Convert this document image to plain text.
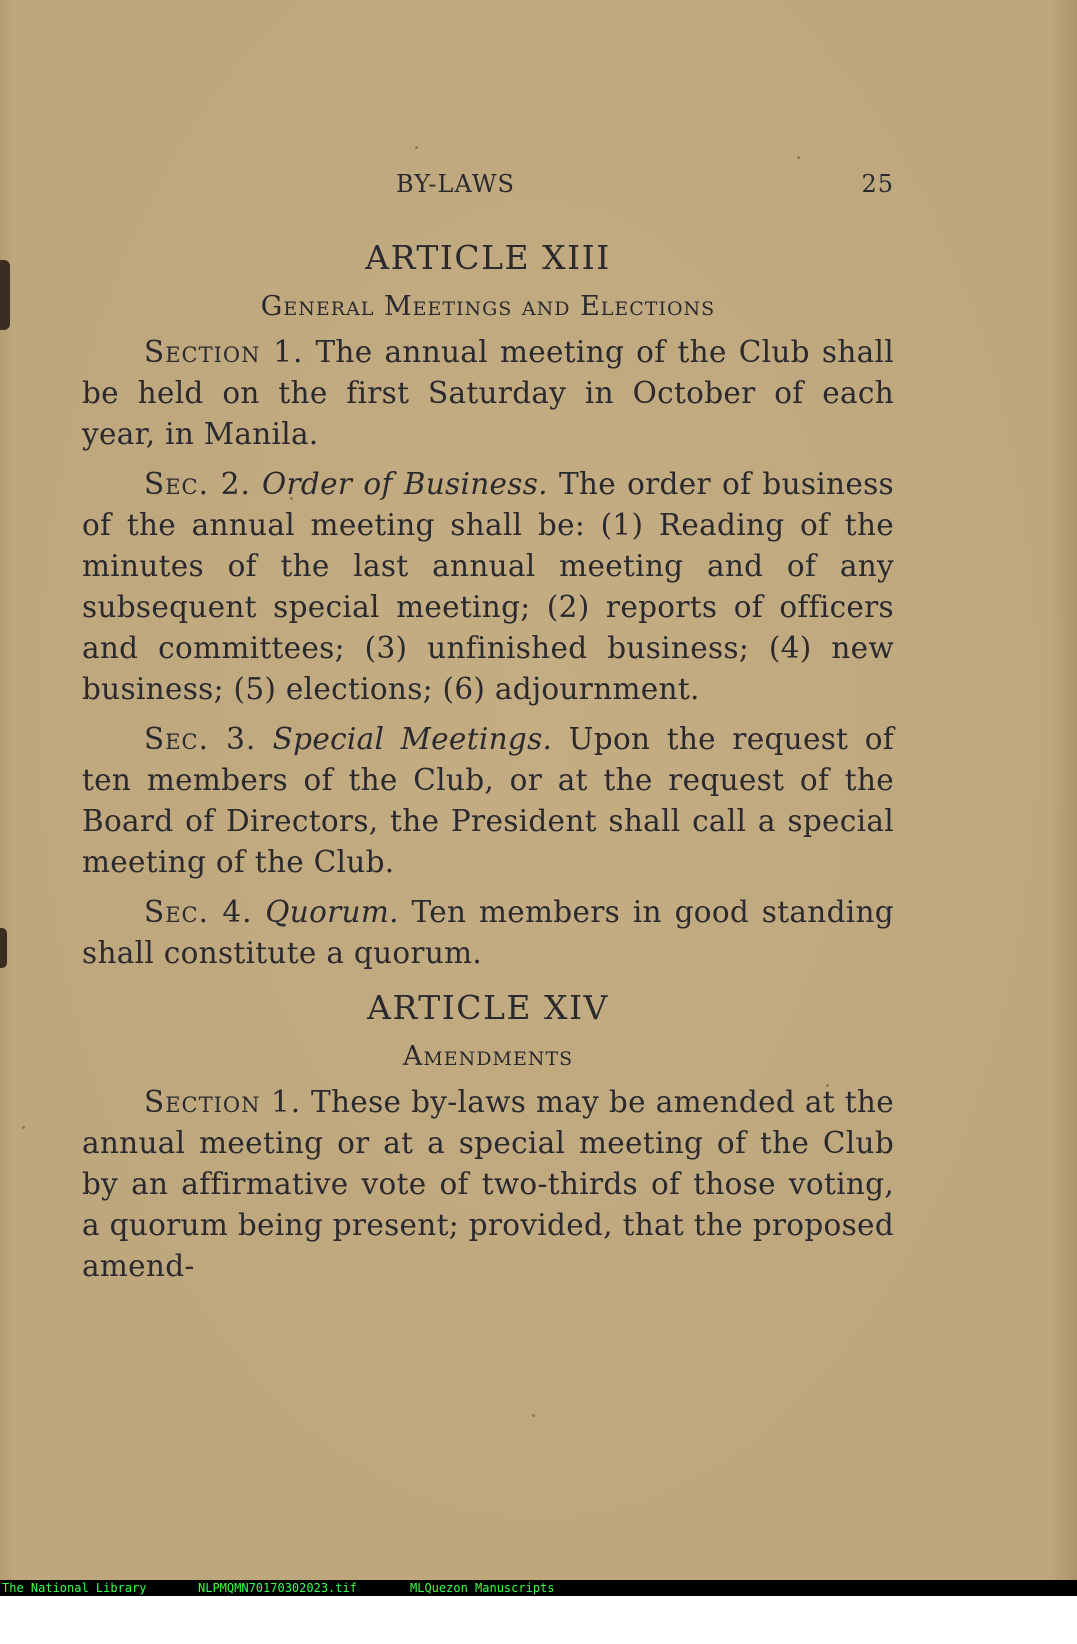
BY-LAWS	25
ARTICLE XIII
General Meetings and Elections

Section 1. The annual meeting of the Club shall be held on the first Saturday in October of each year, in Manila.

Sec. 2. Order of Business. The order of business of the annual meeting shall be: (1) Reading of the minutes of the last annual meeting and of any subsequent special meeting; (2) reports of officers and committees; (3) unfinished business; (4) new business; (5) elections; (6) adjournment.

Sec. 3. Special Meetings. Upon the request of ten members of the Club, or at the request of the Board of Directors, the President shall call a special meeting of the Club.

Sec. 4. Quorum. Ten members in good standing shall constitute a quorum.

ARTICLE XIV
Amendments

Section 1. These by-laws may be amended at the annual meeting or at a special meeting of the Club by an affirmative vote of two-thirds of those voting, a quorum being present; provided, that the proposed amend-

The National Library

	NLPMQMN70170302023.tif

	MLQuezon Manuscripts
